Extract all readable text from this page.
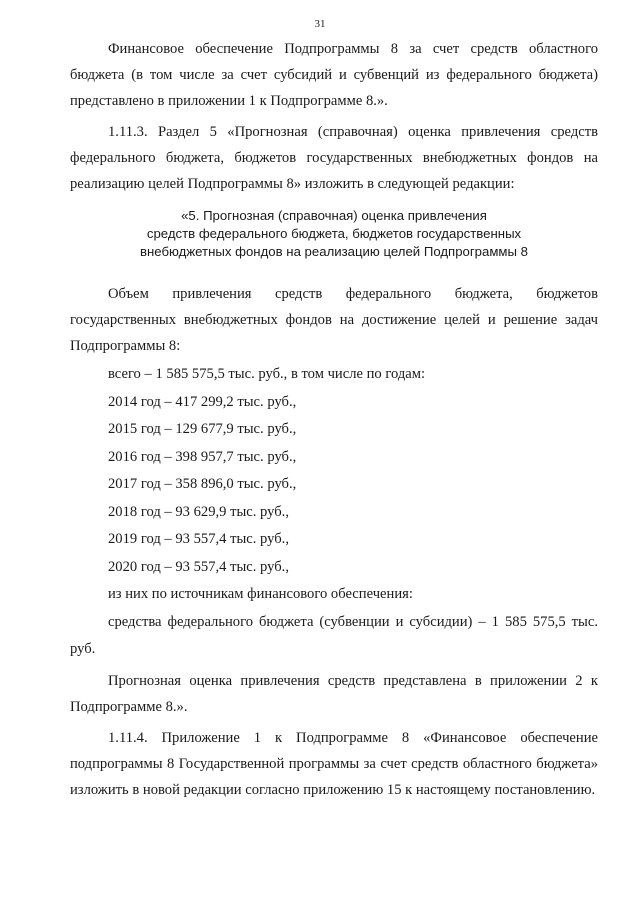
31

Финансовое обеспечение Подпрограммы 8 за счет средств областного бюджета (в том числе за счет субсидий и субвенций из федерального бюджета) представлено в приложении 1 к Подпрограмме 8.».

1.11.3. Раздел 5 «Прогнозная (справочная) оценка привлечения средств федерального бюджета, бюджетов государственных внебюджетных фондов на реализацию целей Подпрограммы 8» изложить в следующей редакции:

«5. Прогнозная (справочная) оценка привлечения
средств федерального бюджета, бюджетов государственных
внебюджетных фондов на реализацию целей Подпрограммы 8

Объем привлечения средств федерального бюджета, бюджетов государственных внебюджетных фондов на достижение целей и решение задач Подпрограммы 8:

всего – 1 585 575,5 тыс. руб., в том числе по годам:

2014 год – 417 299,2 тыс. руб.,

2015 год – 129 677,9 тыс. руб.,

2016 год – 398 957,7 тыс. руб.,

2017 год – 358 896,0 тыс. руб.,

2018 год – 93 629,9 тыс. руб.,

2019 год – 93 557,4 тыс. руб.,

2020 год – 93 557,4 тыс. руб.,

из них по источникам финансового обеспечения:

средства федерального бюджета (субвенции и субсидии) – 1 585 575,5 тыс. руб.

Прогнозная оценка привлечения средств представлена в приложении 2 к Подпрограмме 8.».

1.11.4. Приложение 1 к Подпрограмме 8 «Финансовое обеспечение подпрограммы 8 Государственной программы за счет средств областного бюджета» изложить в новой редакции согласно приложению 15 к настоящему постановлению.
